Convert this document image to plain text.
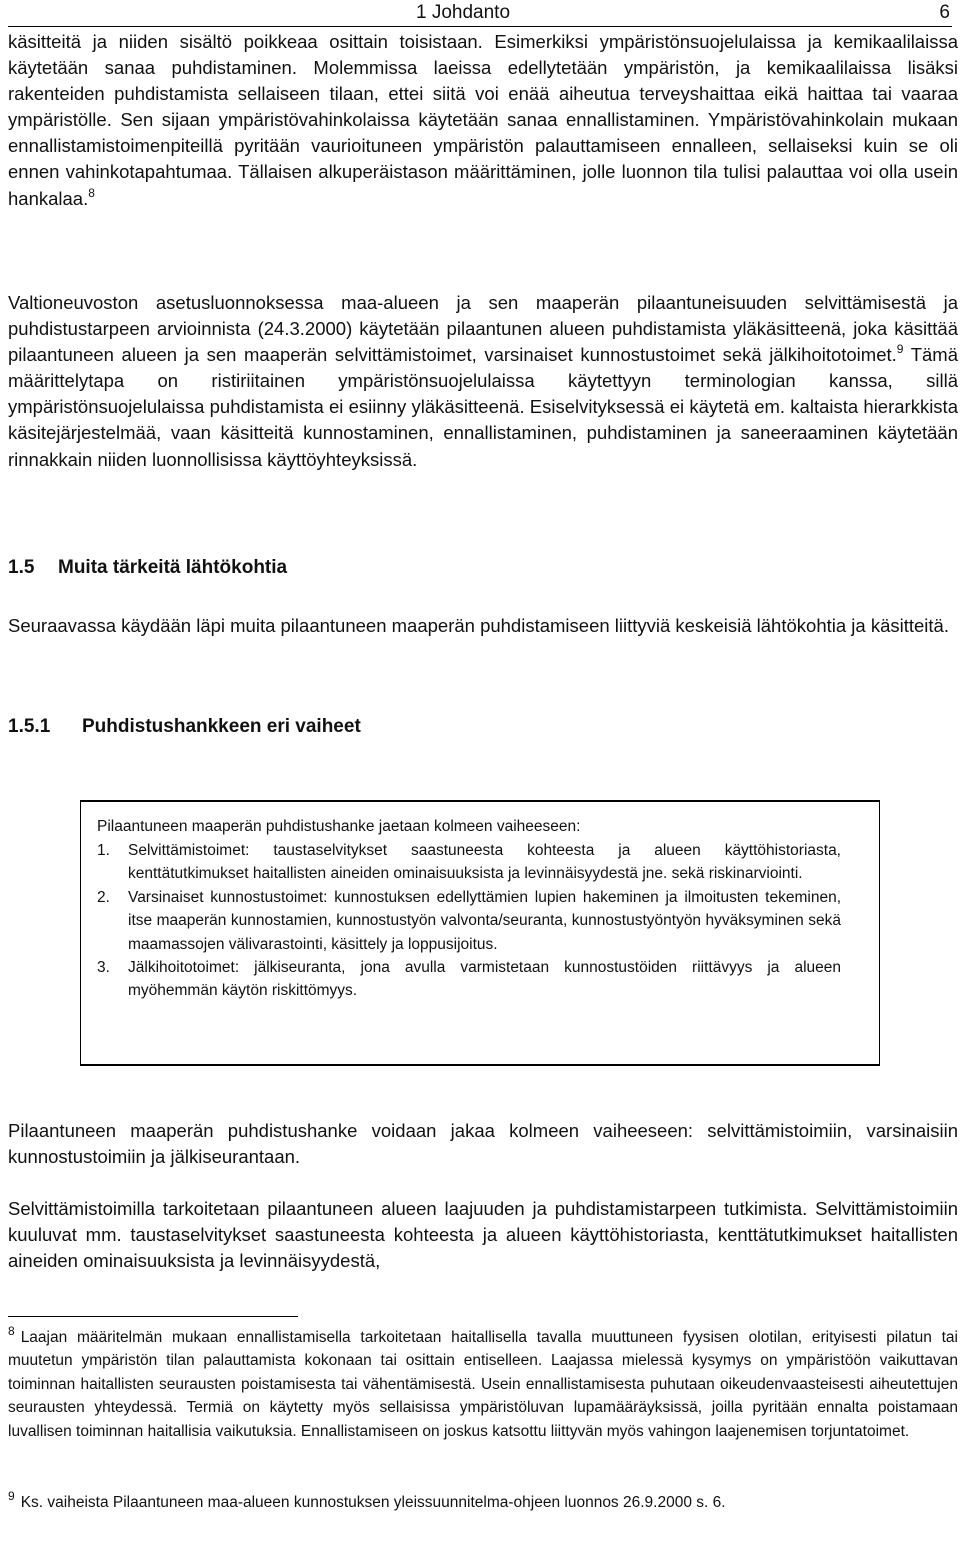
1 Johdanto	6

käsitteitä ja niiden sisältö poikkeaa osittain toisistaan. Esimerkiksi ympäristönsuojelulaissa ja kemikaalilaissa käytetään sanaa puhdistaminen. Molemmissa laeissa edellytetään ympäristön, ja kemikaalilaissa lisäksi rakenteiden puhdistamista sellaiseen tilaan, ettei siitä voi enää aiheutua terveyshaittaa eikä haittaa tai vaaraa ympäristölle. Sen sijaan ympäristövahinkolaissa käytetään sanaa ennallistaminen. Ympäristövahinkolain mukaan ennallistamistoimenpiteillä pyritään vaurioituneen ympäristön palauttamiseen ennalleen, sellaiseksi kuin se oli ennen vahinkotapahtumaa. Tällaisen alkuperäistason määrittäminen, jolle luonnon tila tulisi palauttaa voi olla usein hankalaa.$^8$

Valtioneuvoston asetusluonnoksessa maa-alueen ja sen maaperän pilaantuneisuuden selvittämisestä ja puhdistustarpeen arvioinnista (24.3.2000) käytetään pilaantunen alueen puhdistamista yläkäsitteenä, joka käsittää pilaantuneen alueen ja sen maaperän selvittämistoimet, varsinaiset kunnostustoimet sekä jälkihoitotoimet.$^9$ Tämä määrittelytapa on ristiriitainen ympäristönsuojelulaissa käytettyyn terminologian kanssa, sillä ympäristönsuojelulaissa puhdistamista ei esiinny yläkäsitteenä. Esiselvityksessä ei käytetä em. kaltaista hierarkkista käsitejärjestelmää, vaan käsitteitä kunnostaminen, ennallistaminen, puhdistaminen ja saneeraaminen käytetään rinnakkain niiden luonnollisissa käyttöyhteyksissä.

1.5 Muita tärkeitä lähtökohtia

Seuraavassa käydään läpi muita pilaantuneen maaperän puhdistamiseen liittyviä keskeisiä lähtökohtia ja käsitteitä.

1.5.1 Puhdistushankkeen eri vaiheet

Pilaantuneen maaperän puhdistushanke jaetaan kolmeen vaiheeseen:

1. Selvittämistoimet: taustaselvitykset saastuneesta kohteesta ja alueen käyttöhistoriasta, kenttätutkimukset haitallisten aineiden ominaisuuksista ja levinnäisyydestä jne. sekä riskinarviointi.
2. Varsinaiset kunnostustoimet: kunnostuksen edellyttämien lupien hakeminen ja ilmoitusten tekeminen, itse maaperän kunnostamien, kunnostustyön valvonta/seuranta, kunnostustyöntyön hyväksyminen sekä maamassojen välivarastointi, käsittely ja loppusijoitus.
3. Jälkihoitotoimet: jälkiseuranta, jona avulla varmistetaan kunnostustöiden riittävyys ja alueen myöhemmän käytön riskittömyys.

Pilaantuneen maaperän puhdistushanke voidaan jakaa kolmeen vaiheeseen: selvittämistoimiin, varsinaisiin kunnostustoimiin ja jälkiseurantaan.

Selvittämistoimilla tarkoitetaan pilaantuneen alueen laajuuden ja puhdistamistarpeen tutkimista. Selvittämistoimiin kuuluvat mm. taustaselvitykset saastuneesta kohteesta ja alueen käyttöhistoriasta, kenttätutkimukset haitallisten aineiden ominaisuuksista ja levinnäisyydestä,

$^8$ Laajan määritelmän mukaan ennallistamisella tarkoitetaan haitallisella tavalla muuttuneen fyysisen olotilan, erityisesti pilatun tai muutetun ympäristön tilan palauttamista kokonaan tai osittain entiselleen. Laajassa mielessä kysymys on ympäristöön vaikuttavan toiminnan haitallisten seurausten poistamisesta tai vähentämisestä. Usein ennallistamisesta puhutaan oikeudenvaasteisesti aiheutettujen seurausten yhteydessä. Termiä on käytetty myös sellaisissa ympäristöluvan lupamääräyksissä, joilla pyritään ennalta poistamaan luvallisen toiminnan haitallisia vaikutuksia. Ennallistamiseen on joskus katsottu liittyvän myös vahingon laajenemisen torjuntatoimet.

$^9$ Ks. vaiheista Pilaantuneen maa-alueen kunnostuksen yleissuunnitelma-ohjeen luonnos 26.9.2000 s. 6.
